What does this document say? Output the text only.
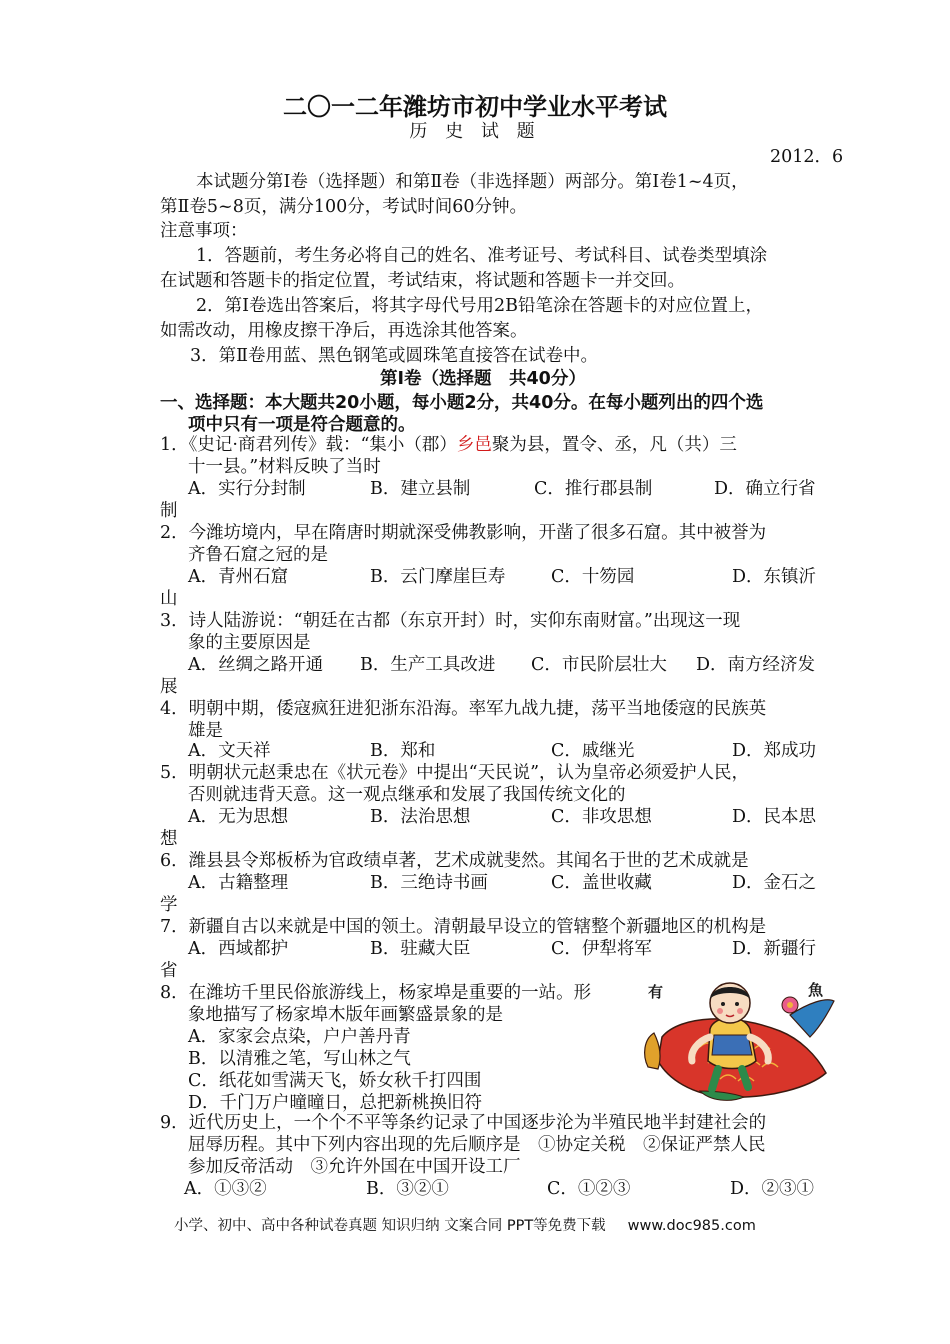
二〇一二年潍坊市初中学业水平考试
历 史 试 题
2012．6
本试题分第Ⅰ卷（选择题）和第Ⅱ卷（非选择题）两部分。第Ⅰ卷1~4页，
第Ⅱ卷5~8页，满分100分，考试时间60分钟。
注意事项：
1．答题前，考生务必将自己的姓名、准考证号、考试科目、试卷类型填涂
在试题和答题卡的指定位置，考试结束，将试题和答题卡一并交回。
2．第Ⅰ卷选出答案后，将其字母代号用2B铅笔涂在答题卡的对应位置上，
如需改动，用橡皮擦干净后，再选涂其他答案。
3．第Ⅱ卷用蓝、黑色钢笔或圆珠笔直接答在试卷中。
第Ⅰ卷（选择题　共40分）
一、选择题：本大题共20小题，每小题2分，共40分。在每小题列出的四个选
项中只有一项是符合题意的。
1．《史记·商君列传》载：“集小（郡）乡邑聚为县，置令、丞，凡（共）三
十一县。”材料反映了当时
A．实行分封制	B．建立县制	C．推行郡县制	D．确立行省
制
2．今潍坊境内，早在隋唐时期就深受佛教影响，开凿了很多石窟。其中被誉为
齐鲁石窟之冠的是
A．青州石窟	B．云门摩崖巨寿	C．十笏园	D．东镇沂
山
3．诗人陆游说：“朝廷在古都（东京开封）时，实仰东南财富。”出现这一现
象的主要原因是
A．丝绸之路开通 B．生产工具改进 C．市民阶层壮大 D．南方经济发
展
4．明朝中期，倭寇疯狂进犯浙东沿海。率军九战九捷，荡平当地倭寇的民族英
雄是
A．文天祥	B．郑和	C．戚继光	D．郑成功
5．明朝状元赵秉忠在《状元卷》中提出“天民说”，认为皇帝必须爱护人民，
否则就违背天意。这一观点继承和发展了我国传统文化的
A．无为思想	B．法治思想	C．非攻思想	D．民本思
想
6．潍县县令郑板桥为官政绩卓著，艺术成就斐然。其闻名于世的艺术成就是
A．古籍整理	B．三绝诗书画	C．盖世收藏	D．金石之
学
7．新疆自古以来就是中国的领土。清朝最早设立的管辖整个新疆地区的机构是
A．西域都护	B．驻藏大臣	C．伊犁将军	D．新疆行
省
8．在潍坊千里民俗旅游线上，杨家埠是重要的一站。形
象地描写了杨家埠木版年画繁盛景象的是
A．家家会点染，户户善丹青
B．以清雅之笔，写山林之气
C．纸花如雪满天飞，娇女秋千打四围
D．千门万户曈曈日，总把新桃换旧符
有	魚
9．近代历史上，一个个不平等条约记录了中国逐步沦为半殖民地半封建社会的
屈辱历程。其中下列内容出现的先后顺序是　①协定关税　②保证严禁人民
参加反帝活动　③允许外国在中国开设工厂
A．①③②	B．③②①	C．①②③	D．②③①
小学、初中、高中各种试卷真题 知识归纳 文案合同 PPT等免费下载 www.doc985.com
